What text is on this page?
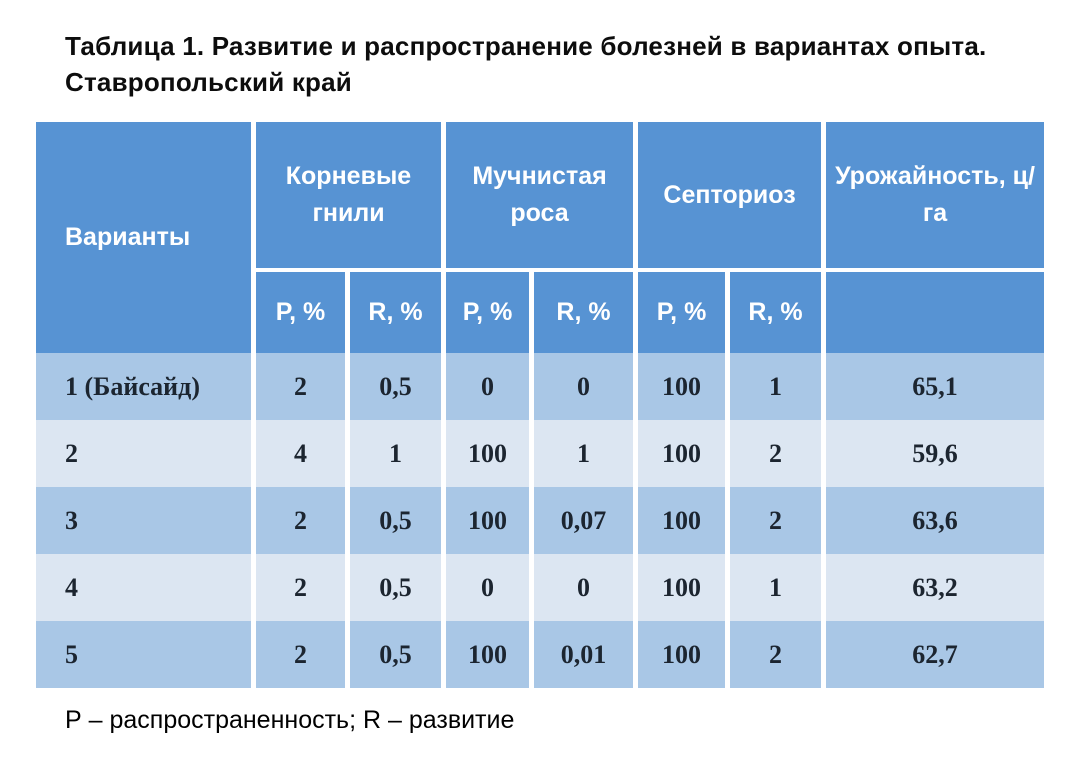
Таблица 1. Развитие и распространение болезней в вариантах опыта. Ставропольский край
Варианты	Корневые гнили		Мучнистая роса		Септориоз		Урожайность, ц/га
	P, %	R, %	P, %	R, %	P, %	R, %	
1 (Байсайд)	2	0,5	0	0	100	1	65,1
2	4	1	100	1	100	2	59,6
3	2	0,5	100	0,07	100	2	63,6
4	2	0,5	0	0	100	1	63,2
5	2	0,5	100	0,01	100	2	62,7

Р – распространенность; R – развитие
